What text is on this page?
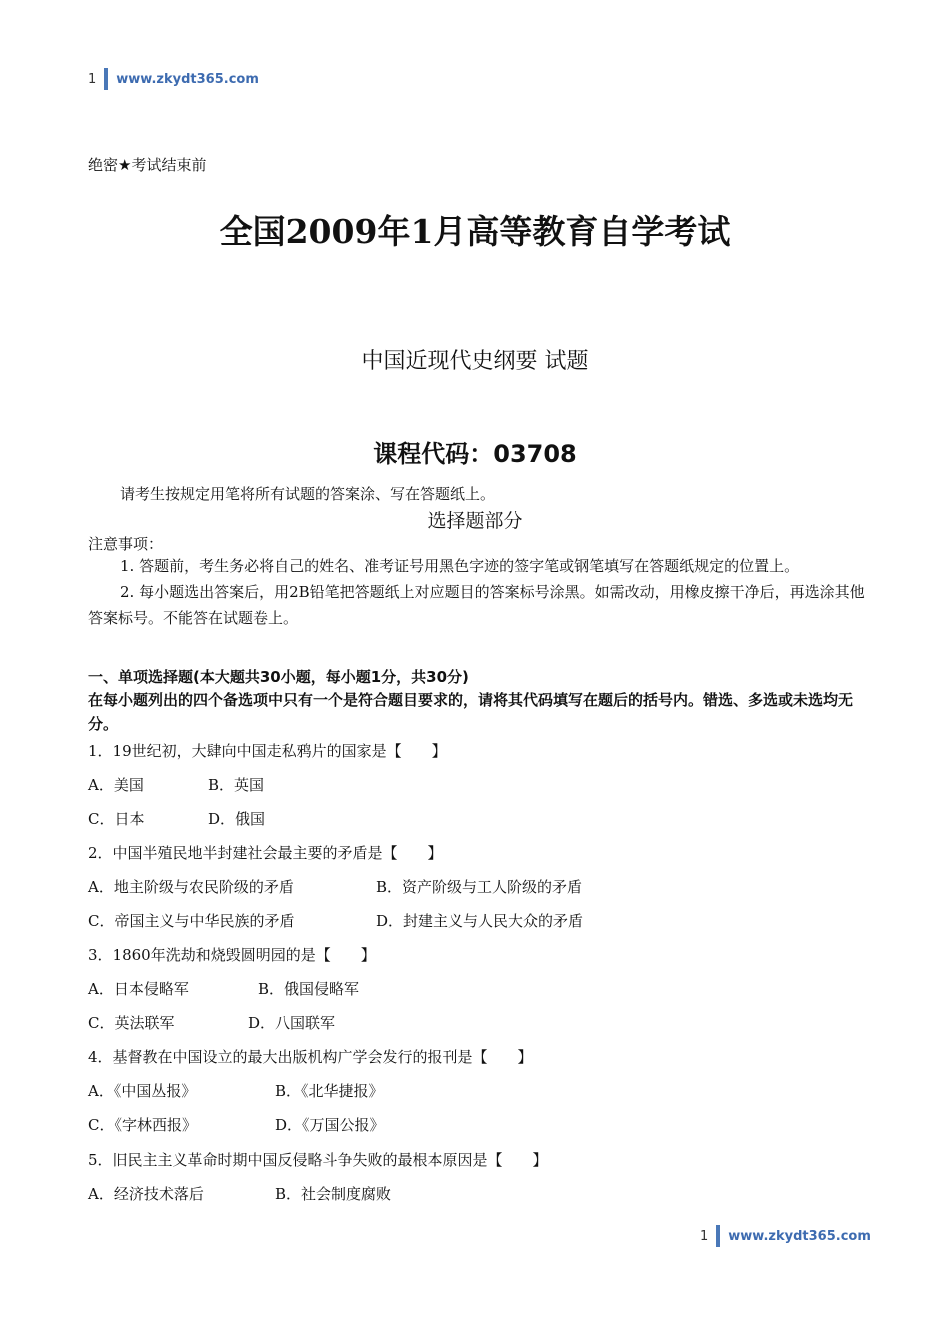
1 www.zkydt365.com
绝密★考试结束前
全国2009年1月高等教育自学考试
中国近现代史纲要 试题
课程代码：03708
请考生按规定用笔将所有试题的答案涂、写在答题纸上。
选择题部分
注意事项：
1. 答题前，考生务必将自己的姓名、准考证号用黑色字迹的签字笔或钢笔填写在答题纸规定的位置上。
2. 每小题选出答案后，用2B铅笔把答题纸上对应题目的答案标号涂黑。如需改动，用橡皮擦干净后，再选涂其他答案标号。不能答在试题卷上。
一、单项选择题(本大题共30小题，每小题1分，共30分)
在每小题列出的四个备选项中只有一个是符合题目要求的，请将其代码填写在题后的括号内。错选、多选或未选均无分。
1．19世纪初，大肆向中国走私鸦片的国家是【　　】
A．美国	B．英国
C．日本	D．俄国
2．中国半殖民地半封建社会最主要的矛盾是【　　】
A．地主阶级与农民阶级的矛盾	B．资产阶级与工人阶级的矛盾
C．帝国主义与中华民族的矛盾	D．封建主义与人民大众的矛盾
3．1860年洗劫和烧毁圆明园的是【　　】
A．日本侵略军	B．俄国侵略军
C．英法联军	D．八国联军
4．基督教在中国设立的最大出版机构广学会发行的报刊是【　　】
A．《中国丛报》	B．《北华捷报》
C．《字林西报》	D．《万国公报》
5．旧民主主义革命时期中国反侵略斗争失败的最根本原因是【　　】
A．经济技术落后	B．社会制度腐败
1 www.zkydt365.com
